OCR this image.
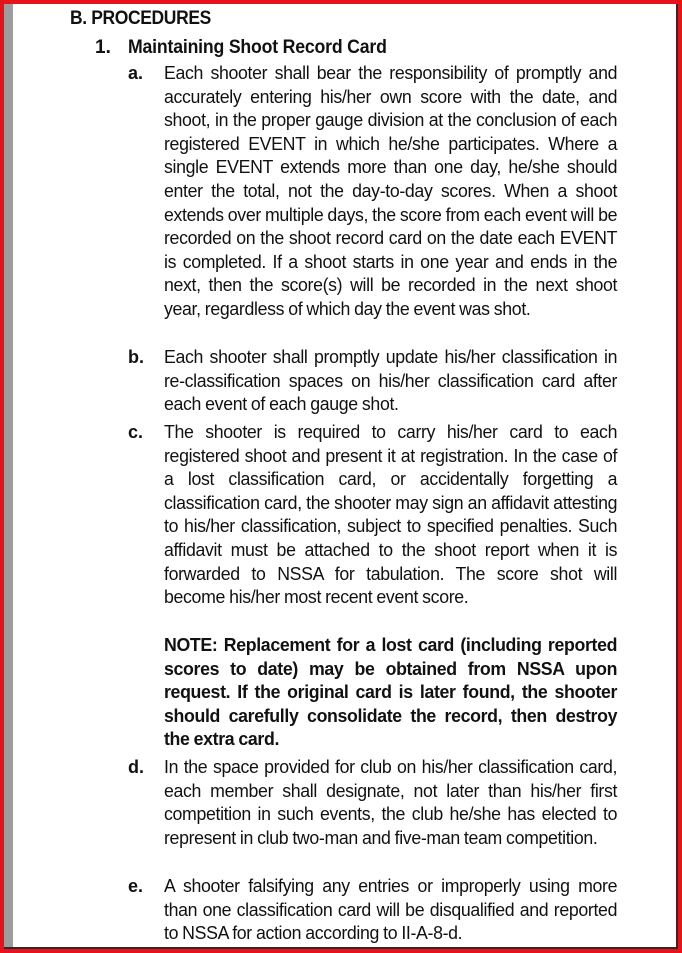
B. PROCEDURES
1. Maintaining Shoot Record Card
a. Each shooter shall bear the responsibility of promptly and accurately entering his/her own score with the date, and shoot, in the proper gauge division at the conclusion of each registered EVENT in which he/she participates. Where a single EVENT extends more than one day, he/she should enter the total, not the day-to-day scores. When a shoot extends over multiple days, the score from each event will be recorded on the shoot record card on the date each EVENT is completed. If a shoot starts in one year and ends in the next, then the score(s) will be recorded in the next shoot year, regardless of which day the event was shot.

b. Each shooter shall promptly update his/her classification in re-classification spaces on his/her classification card after each event of each gauge shot.

c. The shooter is required to carry his/her card to each registered shoot and present it at registration. In the case of a lost classification card, or accidentally forgetting a classification card, the shooter may sign an affidavit attesting to his/her classification, subject to specified penalties. Such affidavit must be attached to the shoot report when it is forwarded to NSSA for tabulation. The score shot will become his/her most recent event score.

NOTE: Replacement for a lost card (including reported scores to date) may be obtained from NSSA upon request. If the original card is later found, the shooter should carefully consolidate the record, then destroy the extra card.

d. In the space provided for club on his/her classification card, each member shall designate, not later than his/her first competition in such events, the club he/she has elected to represent in club two-man and five-man team competition.

e. A shooter falsifying any entries or improperly using more than one classification card will be disqualified and reported to NSSA for action according to II-A-8-d.
